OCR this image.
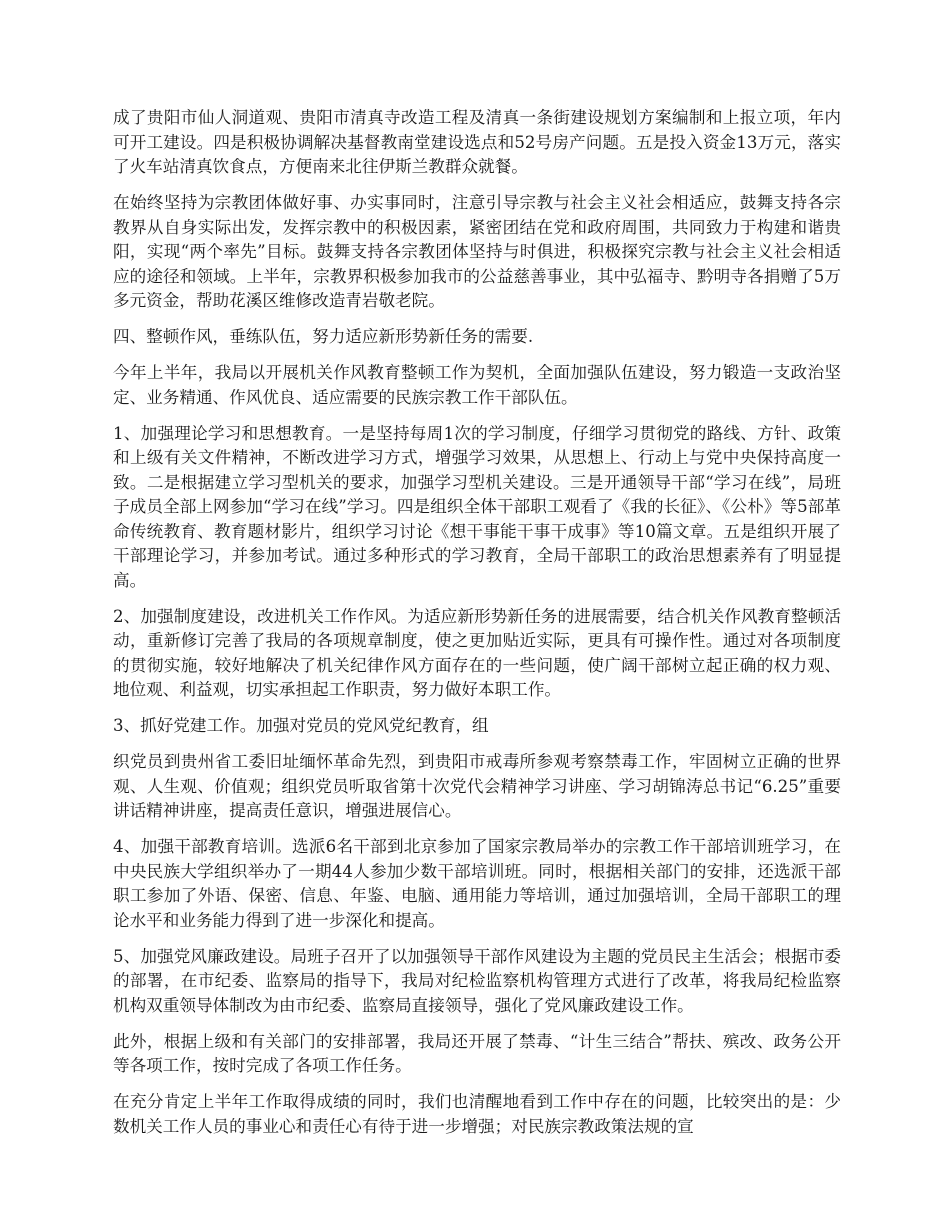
成了贵阳市仙人洞道观、贵阳市清真寺改造工程及清真一条街建设规划方案编制和上报立项，年内可开工建设。四是积极协调解决基督教南堂建设选点和52号房产问题。五是投入资金13万元，落实了火车站清真饮食点，方便南来北往伊斯兰教群众就餐。

在始终坚持为宗教团体做好事、办实事同时，注意引导宗教与社会主义社会相适应，鼓舞支持各宗教界从自身实际出发，发挥宗教中的积极因素，紧密团结在党和政府周围，共同致力于构建和谐贵阳，实现“两个率先”目标。鼓舞支持各宗教团体坚持与时俱进，积极探究宗教与社会主义社会相适应的途径和领域。上半年，宗教界积极参加我市的公益慈善事业，其中弘福寺、黔明寺各捐赠了5万多元资金，帮助花溪区维修改造青岩敬老院。

四、整顿作风，垂练队伍，努力适应新形势新任务的需要.

今年上半年，我局以开展机关作风教育整顿工作为契机，全面加强队伍建设，努力锻造一支政治坚定、业务精通、作风优良、适应需要的民族宗教工作干部队伍。

1、加强理论学习和思想教育。一是坚持每周1次的学习制度，仔细学习贯彻党的路线、方针、政策和上级有关文件精神，不断改进学习方式，增强学习效果，从思想上、行动上与党中央保持高度一致。二是根据建立学习型机关的要求，加强学习型机关建设。三是开通领导干部“学习在线”，局班子成员全部上网参加“学习在线”学习。四是组织全体干部职工观看了《我的长征》、《公朴》等5部革命传统教育、教育题材影片，组织学习讨论《想干事能干事干成事》等10篇文章。五是组织开展了干部理论学习，并参加考试。通过多种形式的学习教育，全局干部职工的政治思想素养有了明显提高。

2、加强制度建设，改进机关工作作风。为适应新形势新任务的进展需要，结合机关作风教育整顿活动，重新修订完善了我局的各项规章制度，使之更加贴近实际，更具有可操作性。通过对各项制度的贯彻实施，较好地解决了机关纪律作风方面存在的一些问题，使广阔干部树立起正确的权力观、地位观、利益观，切实承担起工作职责，努力做好本职工作。

3、抓好党建工作。加强对党员的党风党纪教育，组

织党员到贵州省工委旧址缅怀革命先烈，到贵阳市戒毒所参观考察禁毒工作，牢固树立正确的世界观、人生观、价值观；组织党员听取省第十次党代会精神学习讲座、学习胡锦涛总书记“6.25”重要讲话精神讲座，提高责任意识，增强进展信心。

4、加强干部教育培训。选派6名干部到北京参加了国家宗教局举办的宗教工作干部培训班学习，在中央民族大学组织举办了一期44人参加少数干部培训班。同时，根据相关部门的安排，还选派干部职工参加了外语、保密、信息、年鉴、电脑、通用能力等培训，通过加强培训，全局干部职工的理论水平和业务能力得到了进一步深化和提高。

5、加强党风廉政建设。局班子召开了以加强领导干部作风建设为主题的党员民主生活会；根据市委的部署，在市纪委、监察局的指导下，我局对纪检监察机构管理方式进行了改革，将我局纪检监察机构双重领导体制改为由市纪委、监察局直接领导，强化了党风廉政建设工作。

此外，根据上级和有关部门的安排部署，我局还开展了禁毒、“计生三结合”帮扶、殡改、政务公开等各项工作，按时完成了各项工作任务。

在充分肯定上半年工作取得成绩的同时，我们也清醒地看到工作中存在的问题，比较突出的是：少数机关工作人员的事业心和责任心有待于进一步增强；对民族宗教政策法规的宣
